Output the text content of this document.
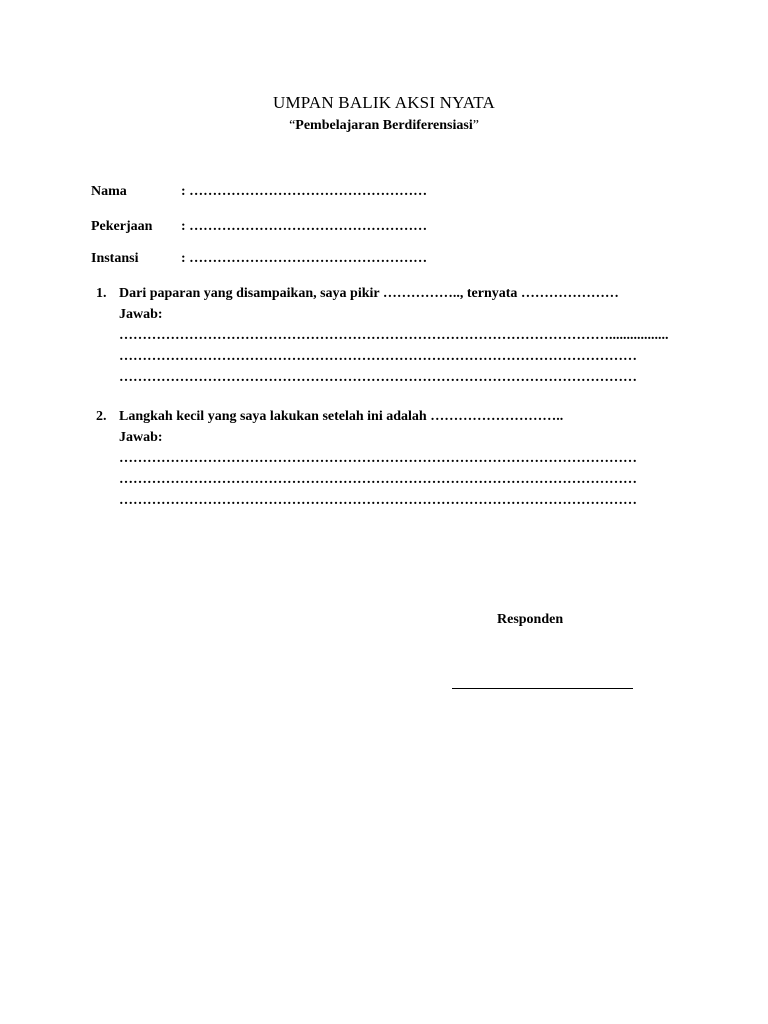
UMPAN BALIK AKSI NYATA
“Pembelajaran Berdiferensiasi”
Nama	: ……………………………………………
Pekerjaan : ……………………………………………
Instansi	: ……………………………………………
1. Dari paparan yang disampaikan, saya pikir …………….., ternyata …………………
Jawab:
…………………………………………………………………………………………….................
…………………………………………………………………………………………………
…………………………………………………………………………………………………
2. Langkah kecil yang saya lakukan setelah ini adalah ………………………..
Jawab:
…………………………………………………………………………………………………
…………………………………………………………………………………………………
…………………………………………………………………………………………………
Responden
